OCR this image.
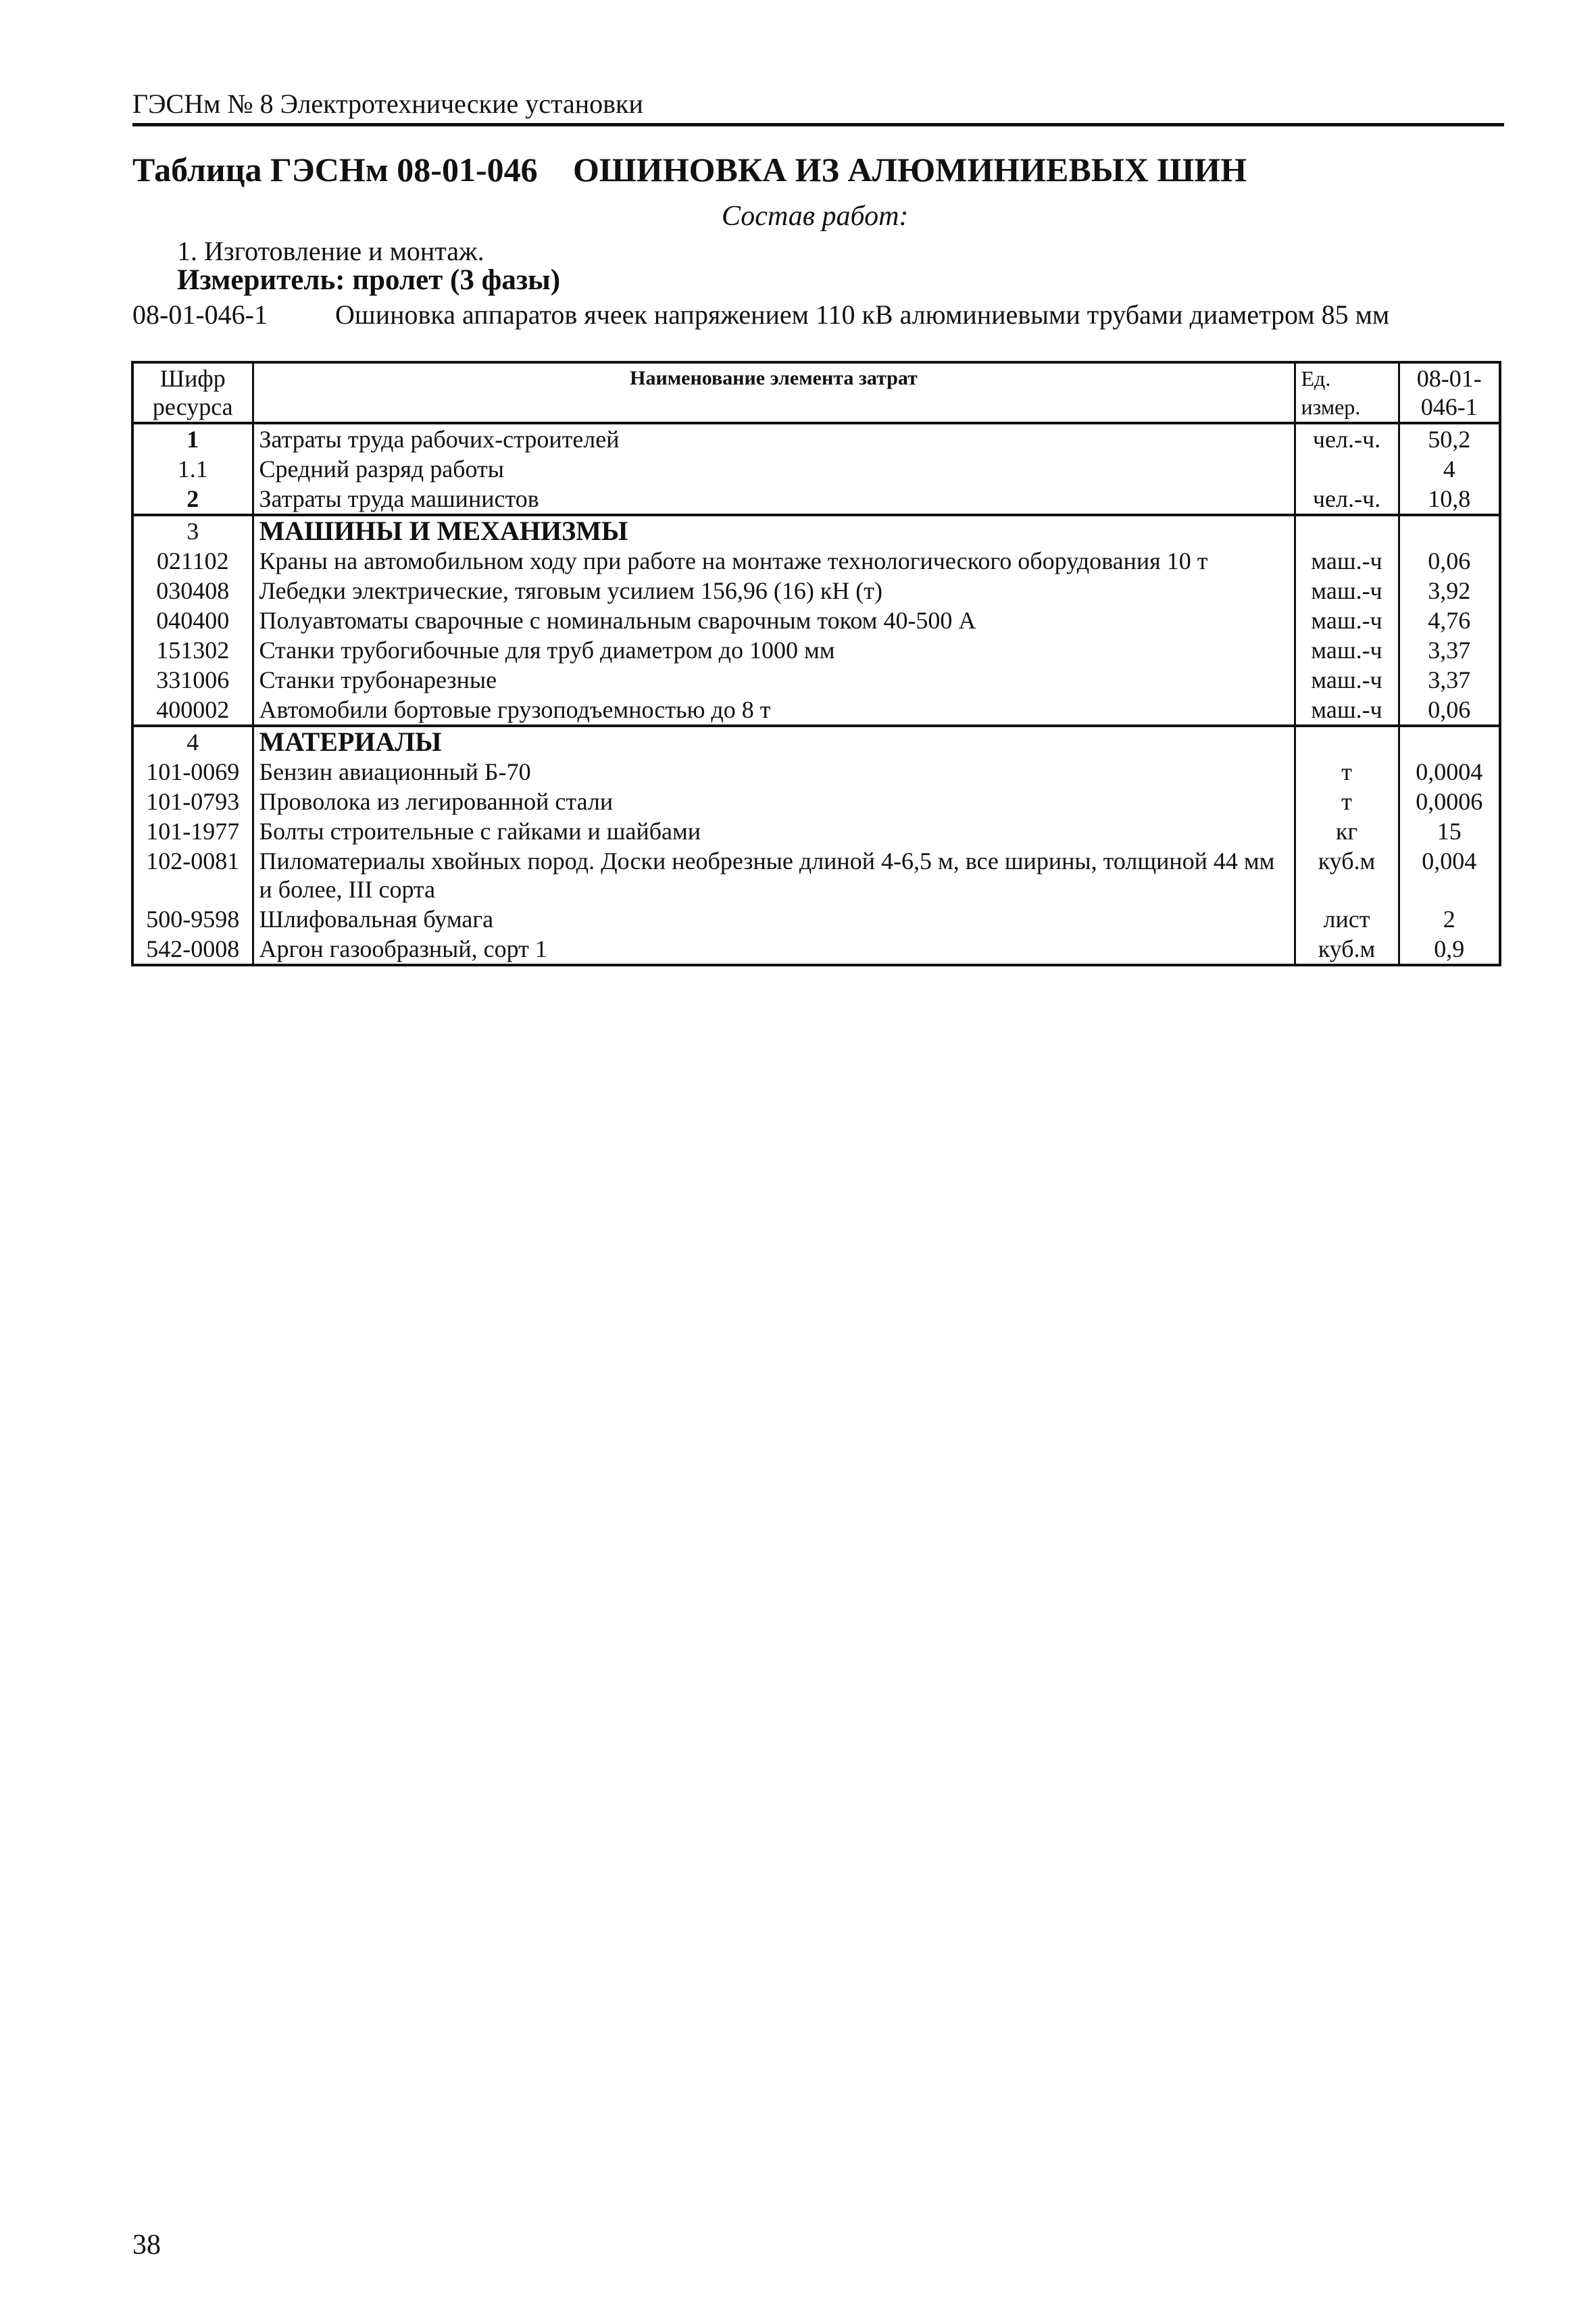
ГЭСНм № 8 Электротехнические установки
Таблица ГЭСНм 08-01-046 ОШИНОВКА ИЗ АЛЮМИНИЕВЫХ ШИН
Состав работ:
1. Изготовление и монтаж.
Измеритель: пролет (3 фазы)
08-01-046-1	Ошиновка аппаратов ячеек напряжением 110 кВ алюминиевыми трубами диаметром 85 мм
Шифр ресурса	Наименование элемента затрат	Ед. измер.	08-01-046-1
1	Затраты труда рабочих-строителей	чел.-ч.	50,2
1.1	Средний разряд работы		4
2	Затраты труда машинистов	чел.-ч.	10,8
3	МАШИНЫ И МЕХАНИЗМЫ		
021102	Краны на автомобильном ходу при работе на монтаже технологического оборудования 10 т	маш.-ч	0,06
030408	Лебедки электрические, тяговым усилием 156,96 (16) кН (т)	маш.-ч	3,92
040400	Полуавтоматы сварочные с номинальным сварочным током 40-500 А	маш.-ч	4,76
151302	Станки трубогибочные для труб диаметром до 1000 мм	маш.-ч	3,37
331006	Станки трубонарезные	маш.-ч	3,37
400002	Автомобили бортовые грузоподъемностью до 8 т	маш.-ч	0,06
4	МАТЕРИАЛЫ		
101-0069	Бензин авиационный Б-70	т	0,0004
101-0793	Проволока из легированной стали	т	0,0006
101-1977	Болты строительные с гайками и шайбами	кг	15
102-0081	Пиломатериалы хвойных пород. Доски необрезные длиной 4-6,5 м, все ширины, толщиной 44 мм и более, III сорта	куб.м	0,004
500-9598	Шлифовальная бумага	лист	2
542-0008	Аргон газообразный, сорт 1	куб.м	0,9
38
